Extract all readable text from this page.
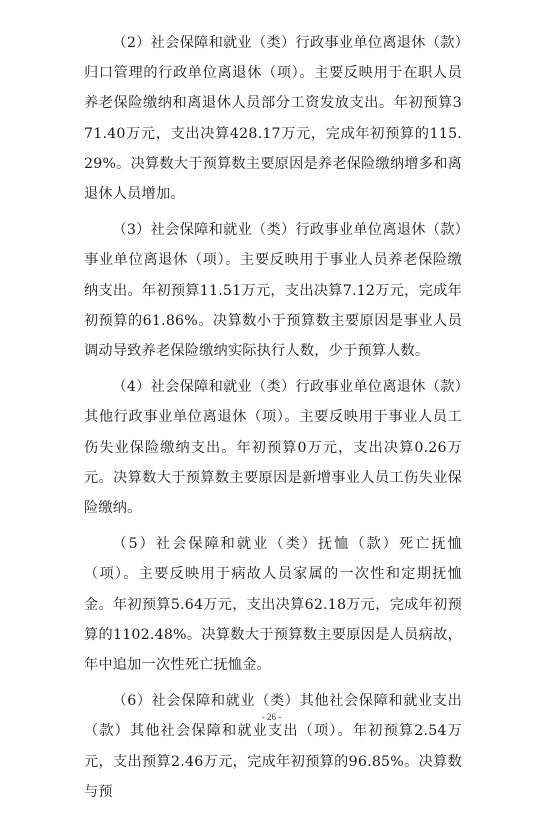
（2）社会保障和就业（类）行政事业单位离退休（款）归口管理的行政单位离退休（项）。主要反映用于在职人员养老保险缴纳和离退休人员部分工资发放支出。年初预算371.40万元，支出决算428.17万元，完成年初预算的115.29%。决算数大于预算数主要原因是养老保险缴纳增多和离退休人员增加。

（3）社会保障和就业（类）行政事业单位离退休（款）事业单位离退休（项）。主要反映用于事业人员养老保险缴纳支出。年初预算11.51万元，支出决算7.12万元，完成年初预算的61.86%。决算数小于预算数主要原因是事业人员调动导致养老保险缴纳实际执行人数，少于预算人数。

（4）社会保障和就业（类）行政事业单位离退休（款）其他行政事业单位离退休（项）。主要反映用于事业人员工伤失业保险缴纳支出。年初预算0万元，支出决算0.26万元。决算数大于预算数主要原因是新增事业人员工伤失业保险缴纳。

（5）社会保障和就业（类）抚恤（款）死亡抚恤（项）。主要反映用于病故人员家属的一次性和定期抚恤金。年初预算5.64万元，支出决算62.18万元，完成年初预算的1102.48%。决算数大于预算数主要原因是人员病故，年中追加一次性死亡抚恤金。

（6）社会保障和就业（类）其他社会保障和就业支出（款）其他社会保障和就业支出（项）。年初预算2.54万元，支出预算2.46万元，完成年初预算的96.85%。决算数与预

- 26 -
